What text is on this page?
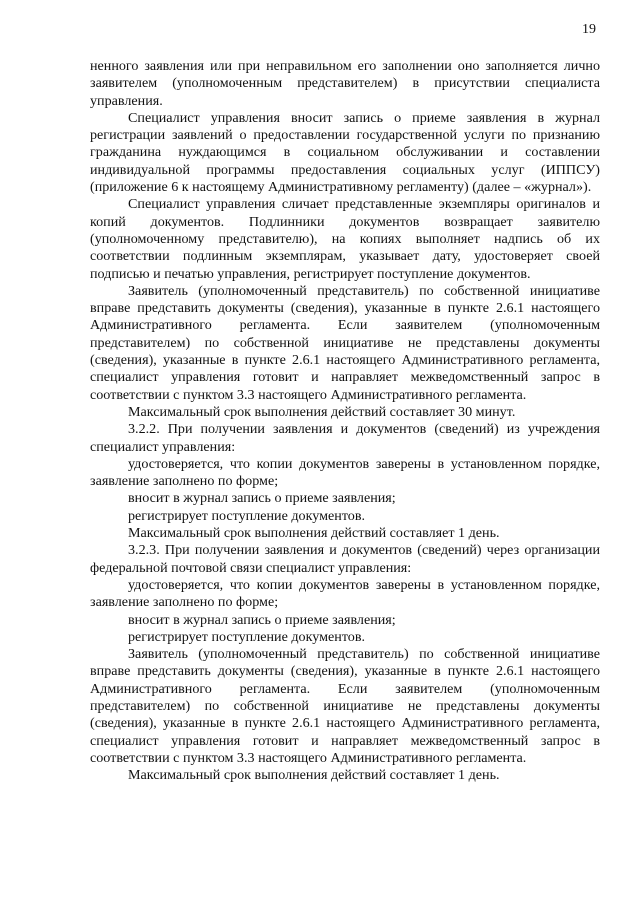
19

ненного заявления или при неправильном его заполнении оно заполняется лично заявителем (уполномоченным представителем) в присутствии специалиста управления.

Специалист управления вносит запись о приеме заявления в журнал регистрации заявлений о предоставлении государственной услуги по признанию гражданина нуждающимся в социальном обслуживании и составлении индивидуальной программы предоставления социальных услуг (ИППСУ) (приложение 6 к настоящему Административному регламенту) (далее – «журнал»).

Специалист управления сличает представленные экземпляры оригиналов и копий документов. Подлинники документов возвращает заявителю (уполномоченному представителю), на копиях выполняет надпись об их соответствии подлинным экземплярам, указывает дату, удостоверяет своей подписью и печатью управления, регистрирует поступление документов.

Заявитель (уполномоченный представитель) по собственной инициативе вправе представить документы (сведения), указанные в пункте 2.6.1 настоящего Административного регламента. Если заявителем (уполномоченным представителем) по собственной инициативе не представлены документы (сведения), указанные в пункте 2.6.1 настоящего Административного регламента, специалист управления готовит и направляет межведомственный запрос в соответствии с пунктом 3.3 настоящего Административного регламента.

Максимальный срок выполнения действий составляет 30 минут.

3.2.2. При получении заявления и документов (сведений) из учреждения специалист управления:

удостоверяется, что копии документов заверены в установленном порядке, заявление заполнено по форме;

вносит в журнал запись о приеме заявления;

регистрирует поступление документов.

Максимальный срок выполнения действий составляет 1 день.

3.2.3. При получении заявления и документов (сведений) через организации федеральной почтовой связи специалист управления:

удостоверяется, что копии документов заверены в установленном порядке, заявление заполнено по форме;

вносит в журнал запись о приеме заявления;

регистрирует поступление документов.

Заявитель (уполномоченный представитель) по собственной инициативе вправе представить документы (сведения), указанные в пункте 2.6.1 настоящего Административного регламента. Если заявителем (уполномоченным представителем) по собственной инициативе не представлены документы (сведения), указанные в пункте 2.6.1 настоящего Административного регламента, специалист управления готовит и направляет межведомственный запрос в соответствии с пунктом 3.3 настоящего Административного регламента.

Максимальный срок выполнения действий составляет 1 день.
